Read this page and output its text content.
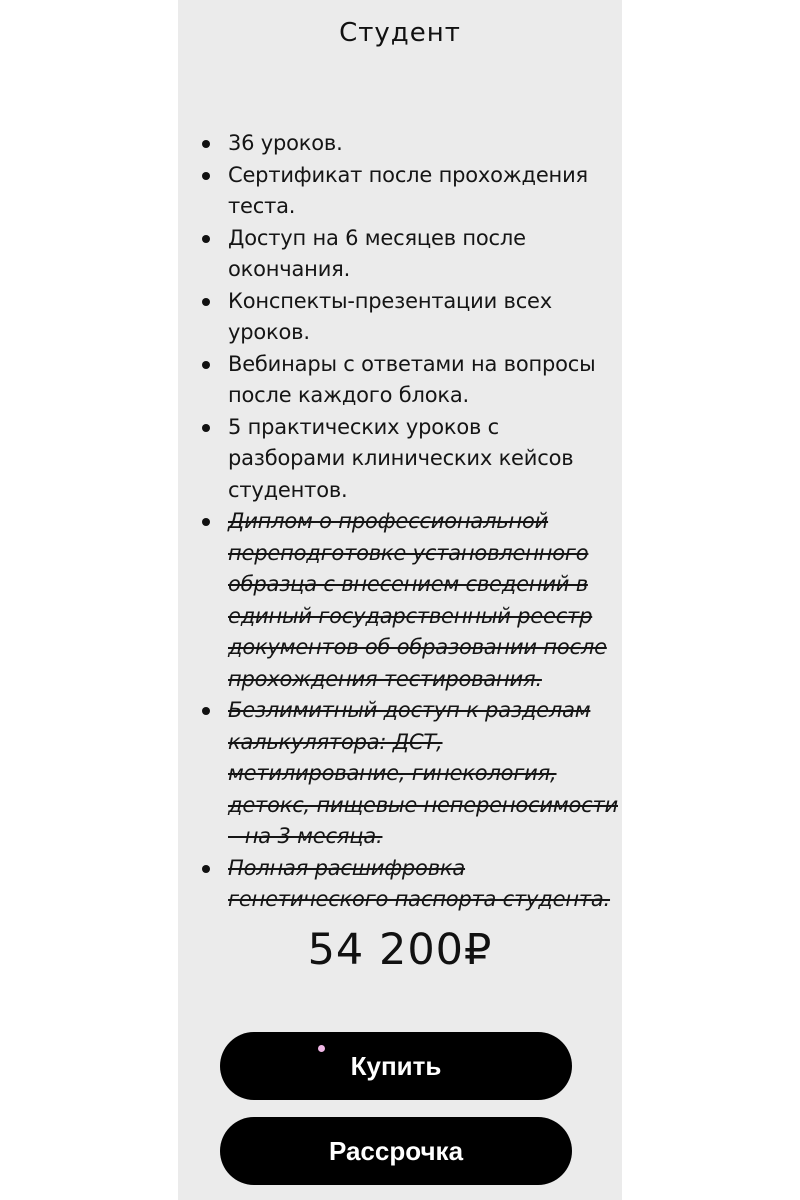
Студент
36 уроков.
Сертификат после прохождения теста.
Доступ на 6 месяцев после окончания.
Конспекты-презентации всех уроков.
Вебинары с ответами на вопросы после каждого блока.
5 практических уроков с разборами клинических кейсов студентов.
Диплом о профессиональной переподготовке установленного образца с внесением сведений в единый государственный реестр документов об образовании после прохождения тестирования.
Безлимитный доступ к разделам калькулятора: ДСТ, метилирование, гинекология, детокс, пищевые непереносимости – на 3 месяца.
Полная расшифровка генетического паспорта студента.
54 200₽
Купить
Рассрочка
